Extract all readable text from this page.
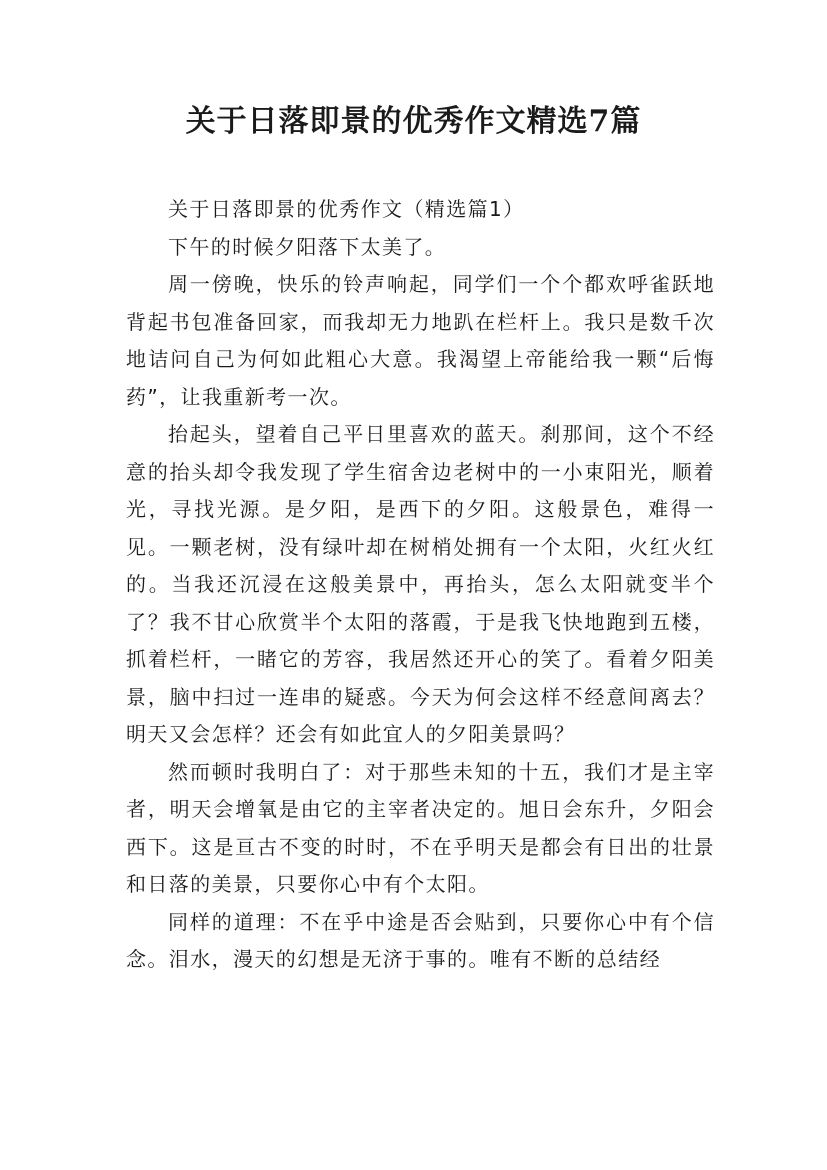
关于日落即景的优秀作文精选7篇

关于日落即景的优秀作文（精选篇1）

下午的时候夕阳落下太美了。

周一傍晚，快乐的铃声响起，同学们一个个都欢呼雀跃地背起书包准备回家，而我却无力地趴在栏杆上。我只是数千次地诘问自己为何如此粗心大意。我渴望上帝能给我一颗“后悔药”，让我重新考一次。

抬起头，望着自己平日里喜欢的蓝天。刹那间，这个不经意的抬头却令我发现了学生宿舍边老树中的一小束阳光，顺着光，寻找光源。是夕阳，是西下的夕阳。这般景色，难得一见。一颗老树，没有绿叶却在树梢处拥有一个太阳，火红火红的。当我还沉浸在这般美景中，再抬头，怎么太阳就变半个了？我不甘心欣赏半个太阳的落霞，于是我飞快地跑到五楼，抓着栏杆，一睹它的芳容，我居然还开心的笑了。看着夕阳美景，脑中扫过一连串的疑惑。今天为何会这样不经意间离去？明天又会怎样？还会有如此宜人的夕阳美景吗？

然而顿时我明白了：对于那些未知的十五，我们才是主宰者，明天会增氧是由它的主宰者决定的。旭日会东升，夕阳会西下。这是亘古不变的时时，不在乎明天是都会有日出的壮景和日落的美景，只要你心中有个太阳。

同样的道理：不在乎中途是否会贴到，只要你心中有个信念。泪水，漫天的幻想是无济于事的。唯有不断的总结经
